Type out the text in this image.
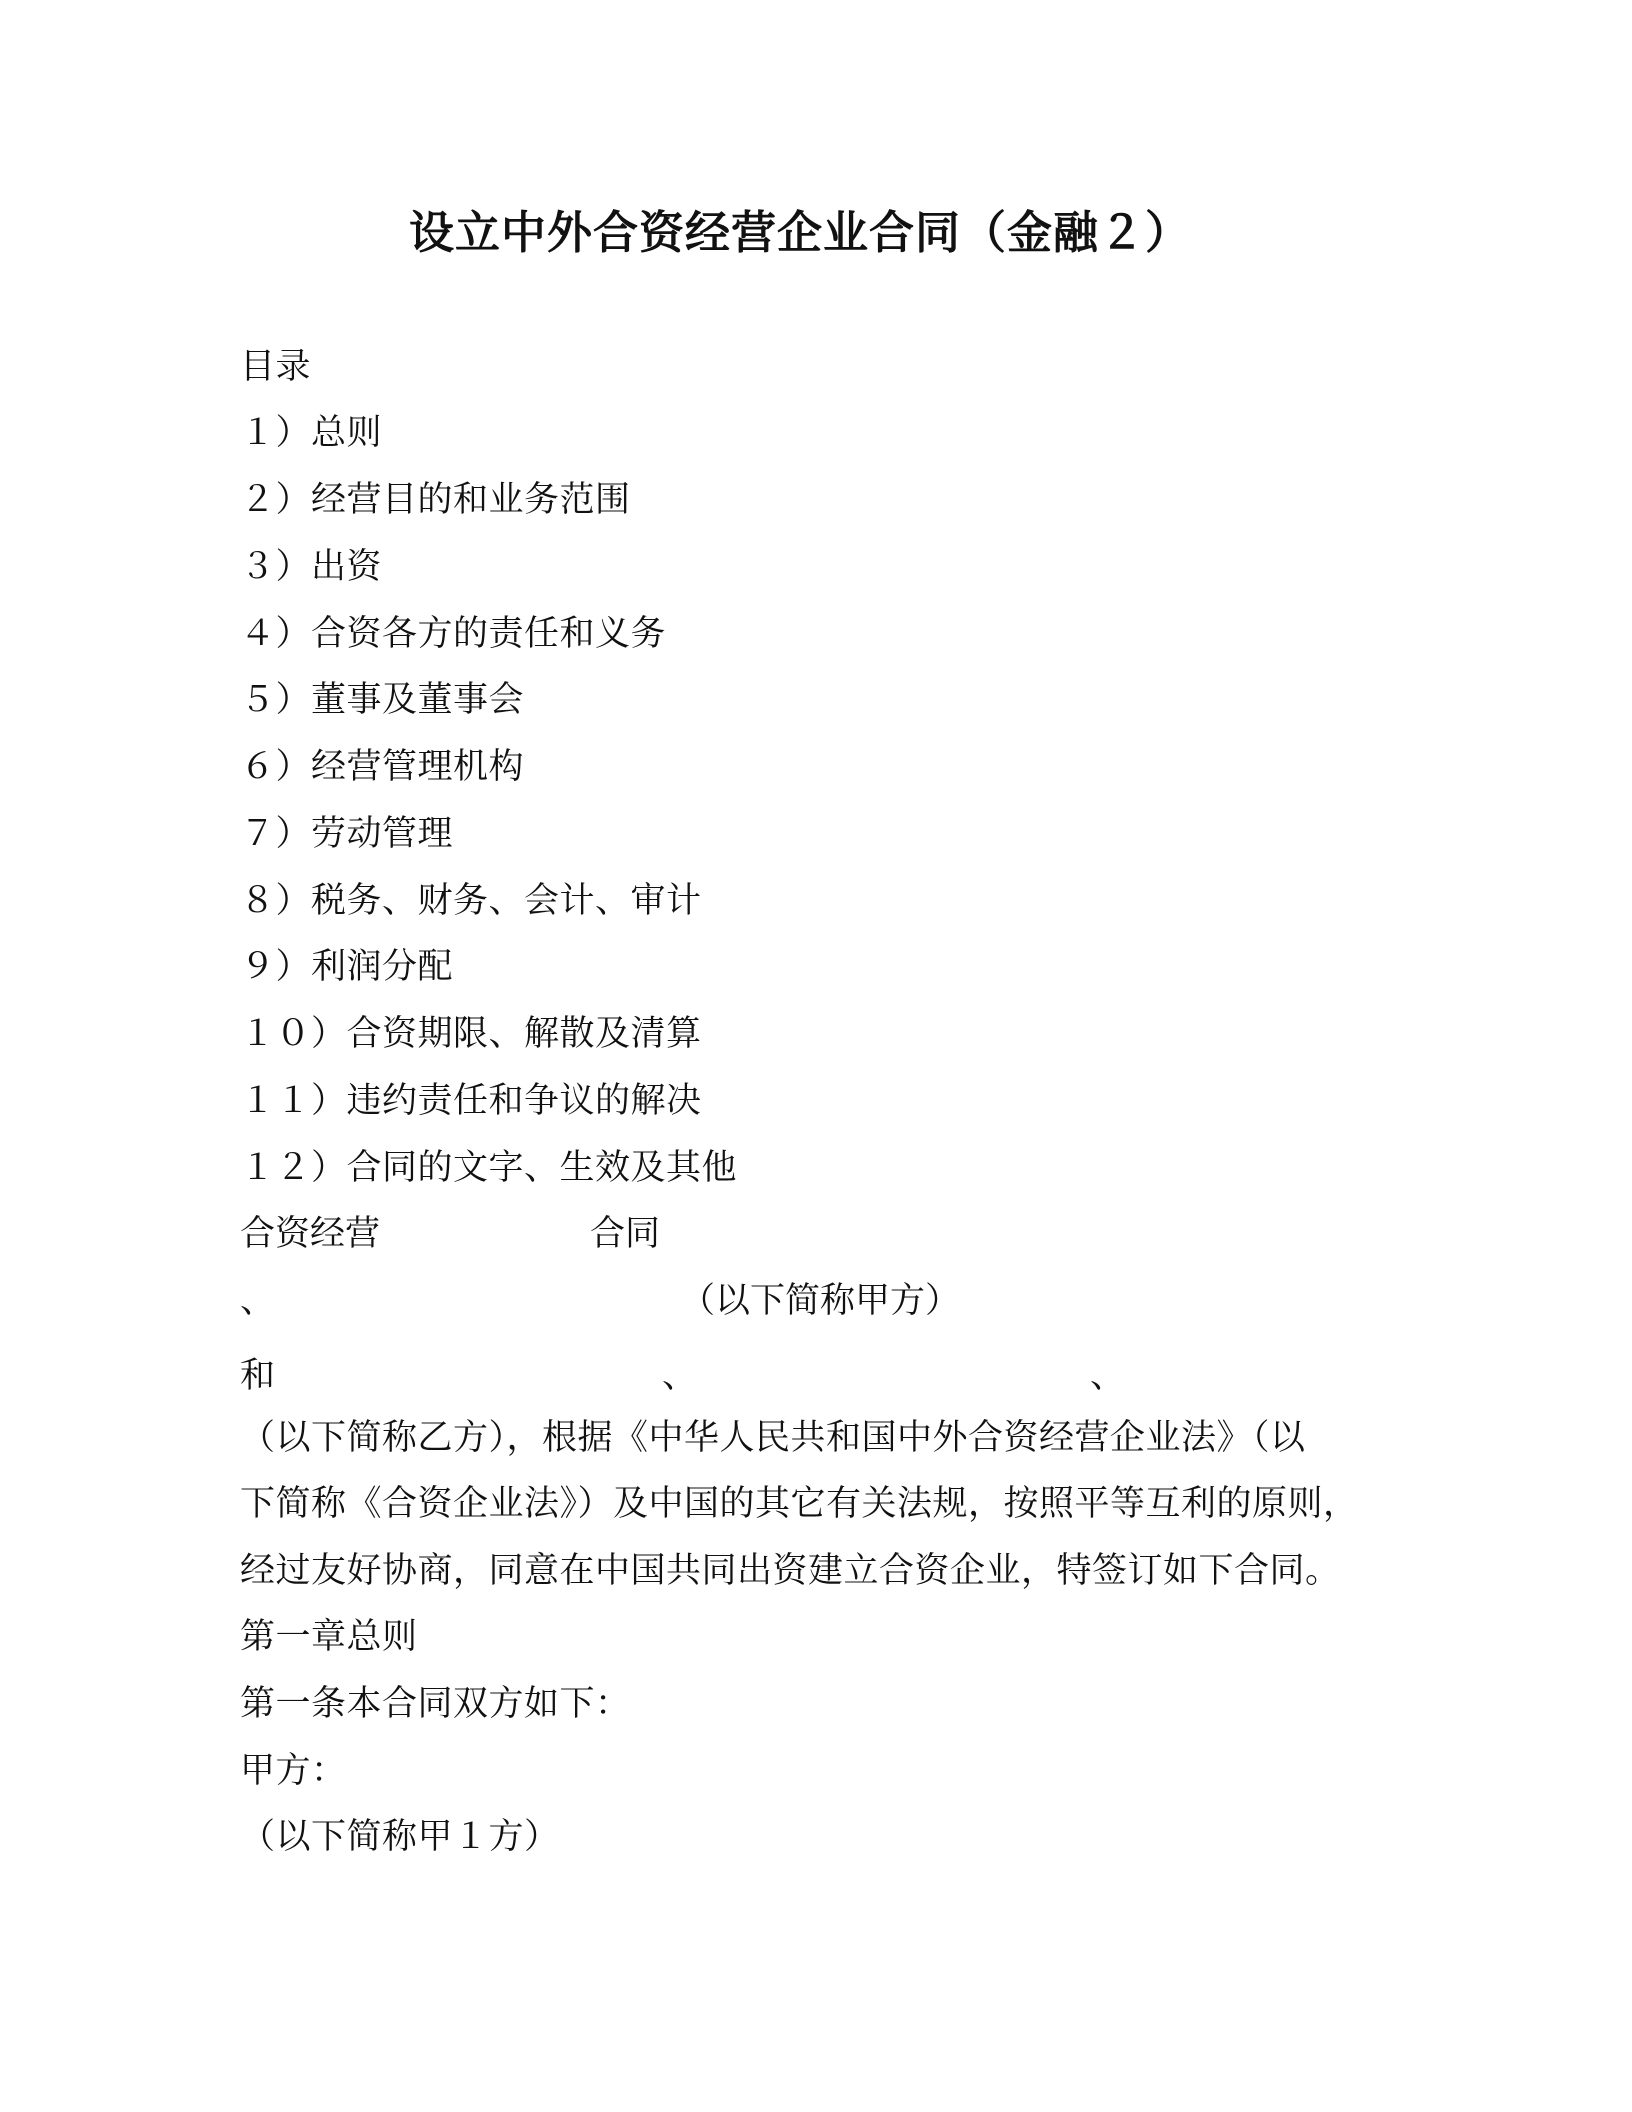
设立中外合资经营企业合同（金融２）
目录
１）总则
２）经营目的和业务范围
３）出资
４）合资各方的责任和义务
５）董事及董事会
６）经营管理机构
７）劳动管理
８）税务、财务、会计、审计
９）利润分配
１０）合资期限、解散及清算
１１）违约责任和争议的解决
１２）合同的文字、生效及其他
合资经营	合同
、	（以下简称甲方）
和	、	、
（以下简称乙方），根据《中华人民共和国中外合资经营企业法》（以
下简称《合资企业法》）及中国的其它有关法规，按照平等互利的原则，
经过友好协商，同意在中国共同出资建立合资企业，特签订如下合同。
第一章总则
第一条本合同双方如下：
甲方：
（以下简称甲１方）
